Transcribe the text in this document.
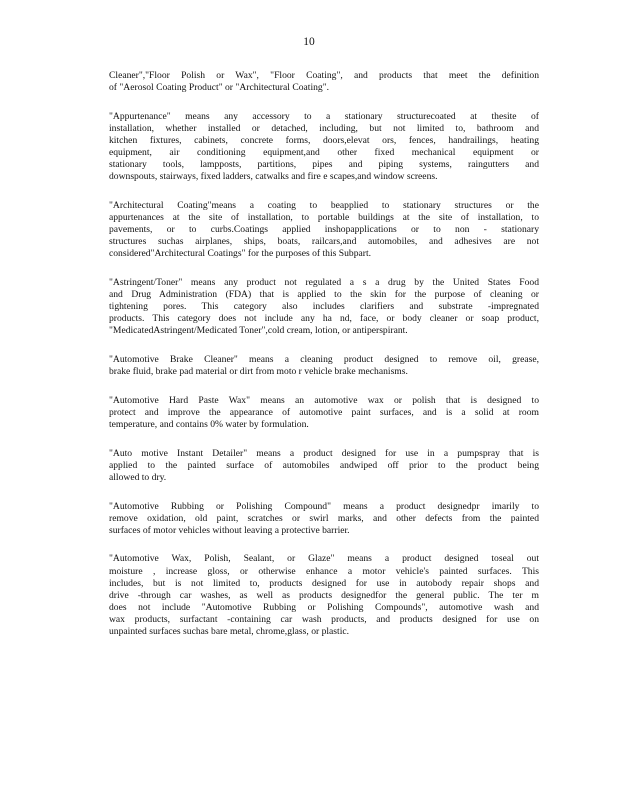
10
Cleaner","Floor Polish or Wax", "Floor Coating", and products that meet the definition
of "Aerosol Coating Product" or "Architectural Coating".
"Appurtenance" means any accessory to a stationary structurecoated at thesite of
installation, whether installed or detached, including, but not limited to, bathroom and
kitchen fixtures, cabinets, concrete forms, doors,elevat ors, fences, handrailings, heating
equipment, air conditioning equipment,and other fixed mechanical equipment or
stationary tools, lampposts, partitions, pipes and piping systems, raingutters and
downspouts, stairways, fixed ladders, catwalks and fire e scapes,and window screens.
"Architectural Coating"means a coating to beapplied to stationary structures or the
appurtenances at the site of installation, to portable buildings at the site of installation, to
pavements, or to curbs.Coatings applied inshopapplications or to non - stationary
structures suchas airplanes, ships, boats, railcars,and automobiles, and adhesives are not
considered"Architectural Coatings" for the purposes of this Subpart.
"Astringent/Toner" means any product not regulated a s a drug by the United States Food
and Drug Administration (FDA) that is applied to the skin for the purpose of cleaning or
tightening pores. This category also includes clarifiers and substrate -impregnated
products. This category does not include any ha nd, face, or body cleaner or soap product,
"MedicatedAstringent/Medicated Toner",cold cream, lotion, or antiperspirant.
"Automotive Brake Cleaner" means a cleaning product designed to remove oil, grease,
brake fluid, brake pad material or dirt from moto r vehicle brake mechanisms.
"Automotive Hard Paste Wax" means an automotive wax or polish that is designed to
protect and improve the appearance of automotive paint surfaces, and is a solid at room
temperature, and contains 0% water by formulation.
"Auto motive Instant Detailer" means a product designed for use in a pumpspray that is
applied to the painted surface of automobiles andwiped off prior to the product being
allowed to dry.
"Automotive Rubbing or Polishing Compound" means a product designedpr imarily to
remove oxidation, old paint, scratches or swirl marks, and other defects from the painted
surfaces of motor vehicles without leaving a protective barrier.
"Automotive Wax, Polish, Sealant, or Glaze" means a product designed toseal out
moisture , increase gloss, or otherwise enhance a motor vehicle's painted surfaces. This
includes, but is not limited to, products designed for use in autobody repair shops and
drive -through car washes, as well as products designedfor the general public. The ter m
does not include "Automotive Rubbing or Polishing Compounds", automotive wash and
wax products, surfactant -containing car wash products, and products designed for use on
unpainted surfaces suchas bare metal, chrome,glass, or plastic.
